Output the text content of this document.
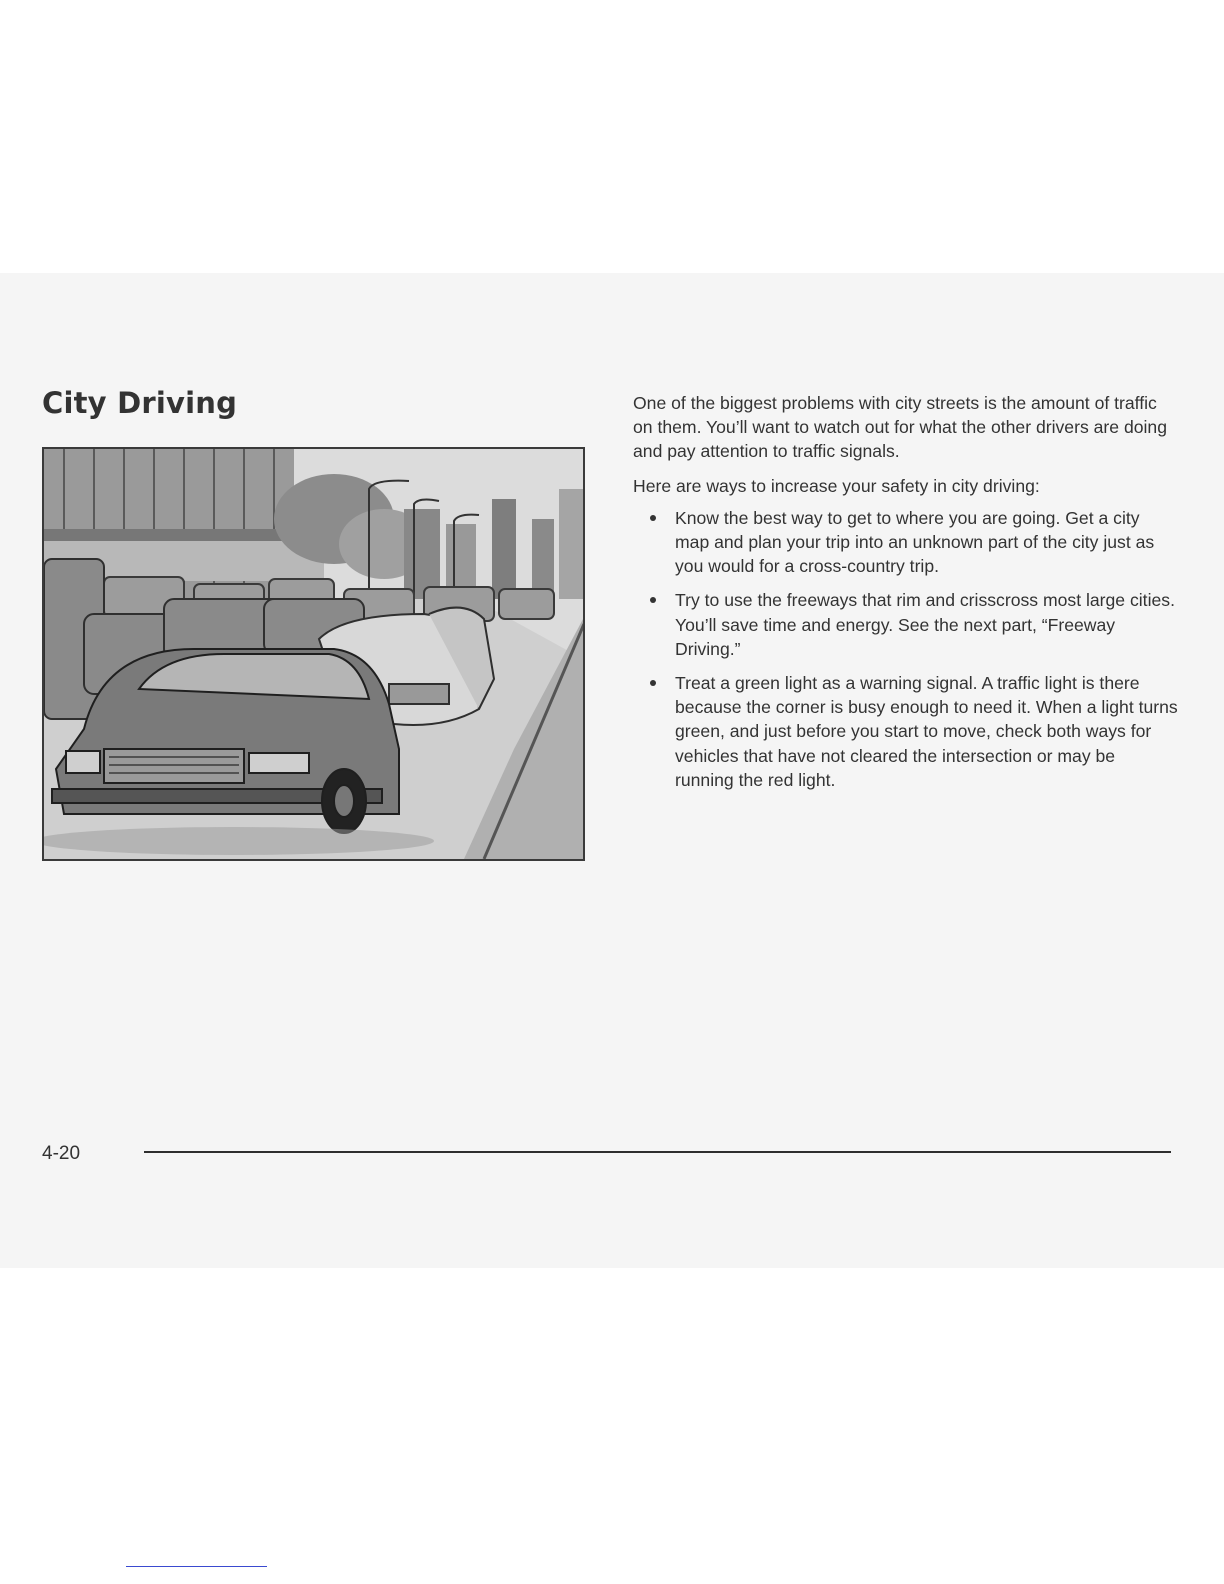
City Driving	One of the biggest problems with city streets is the amount of traffic on them. You’ll want to watch out for what the other drivers are doing and pay attention to traffic signals.

Here are ways to increase your safety in city driving:

Know the best way to get to where you are going. Get a city map and plan your trip into an unknown part of the city just as you would for a cross-country trip.
Try to use the freeways that rim and crisscross most large cities. You’ll save time and energy. See the next part, “Freeway Driving.”
Treat a green light as a warning signal. A traffic light is there because the corner is busy enough to need it. When a light turns green, and just before you start to move, check both ways for vehicles that have not cleared the intersection or may be running the red light.
4-20
